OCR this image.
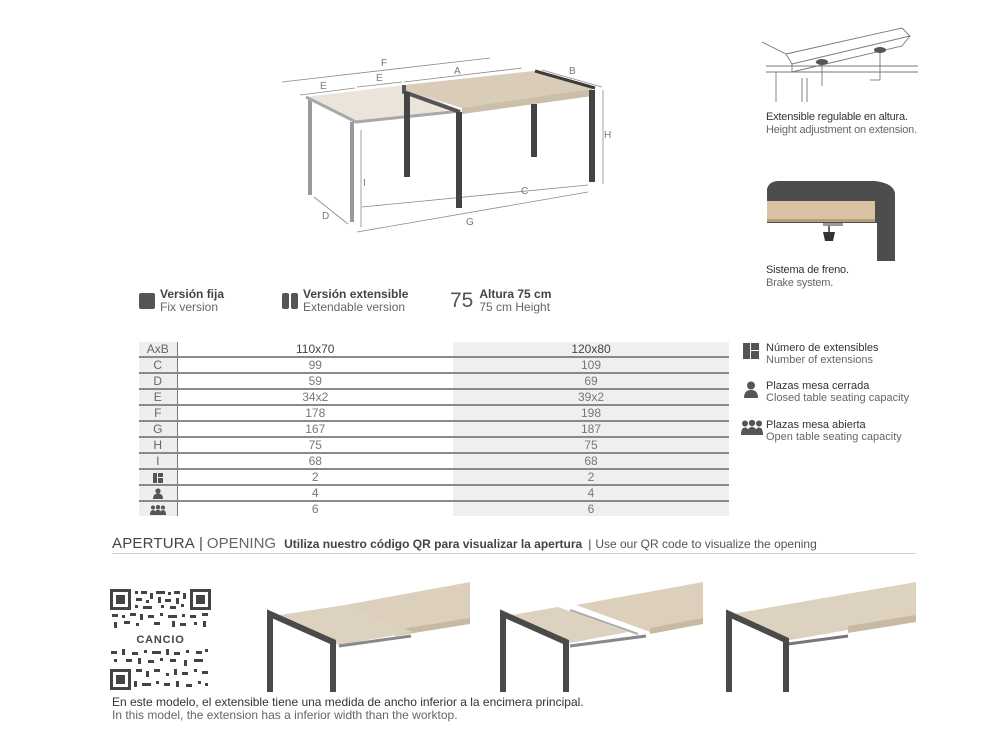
F
E
E
A	B
H
I
C
G
D
Extensible regulable en altura.
Height adjustment on extension.
Sistema de freno.
Brake system.
Versión fija
Fix version
Versión extensible
Extendable version 75 Altura 75 cm
75 cm Height
AxB	110x70	120x80
C	99	109
D	59	69
E	34x2	39x2
F	178	198
G	167	187
H	75	75
I	68	68
	2	2
	4	4
	6	6
Número de extensibles
Number of extensions
Plazas mesa cerrada
Closed table seating capacity
Plazas mesa abierta
Open table seating capacity
APERTURA | OPENING Utiliza nuestro código QR para visualizar la apertura | Use our QR code to visualize the opening
CANCIO
En este modelo, el extensible tiene una medida de ancho inferior a la encimera principal.
In this model, the extension has a inferior width than the worktop.
